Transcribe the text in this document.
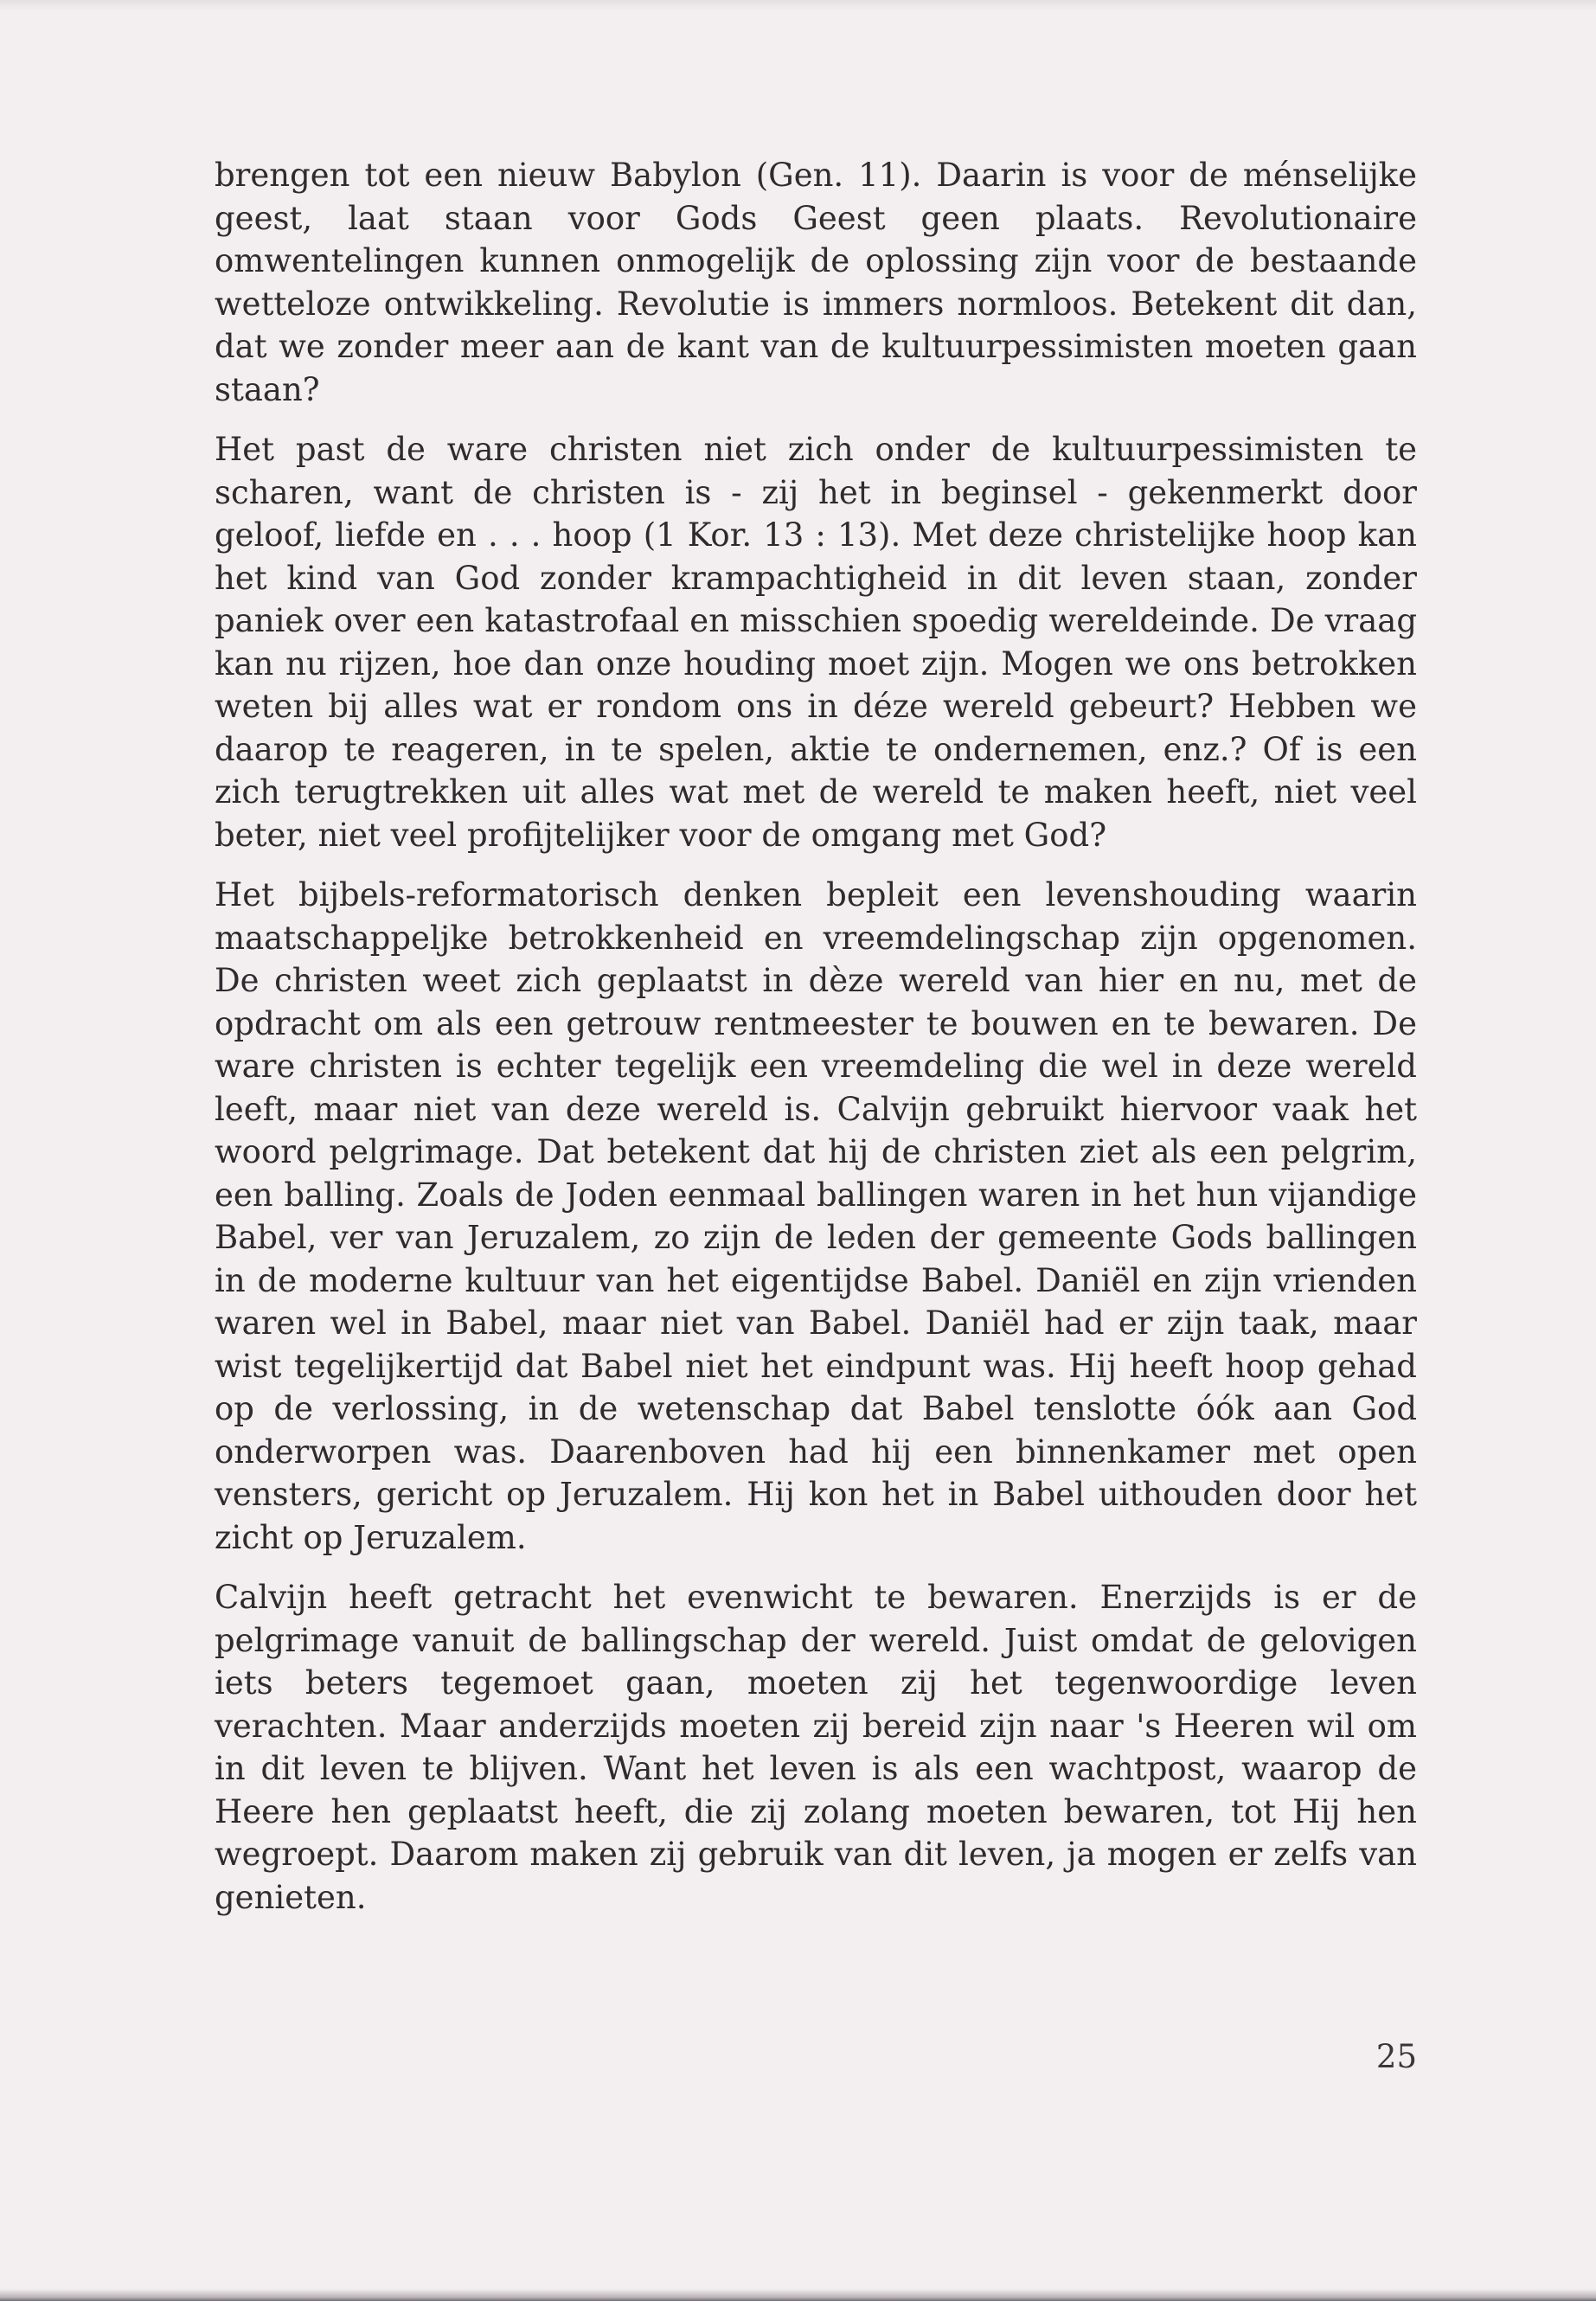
brengen tot een nieuw Babylon (Gen. 11). Daarin is voor de ménselijke geest, laat staan voor Gods Geest geen plaats. Revolutionaire omwentelingen kunnen onmogelijk de oplossing zijn voor de bestaande wetteloze ontwikkeling. Revolutie is immers normloos. Betekent dit dan, dat we zonder meer aan de kant van de kultuurpessimisten moeten gaan staan?

Het past de ware christen niet zich onder de kultuurpessimisten te scharen, want de christen is - zij het in beginsel - gekenmerkt door geloof, liefde en . . . hoop (1 Kor. 13 : 13). Met deze christelijke hoop kan het kind van God zonder krampachtigheid in dit leven staan, zonder paniek over een katastrofaal en misschien spoedig wereldeinde. De vraag kan nu rijzen, hoe dan onze houding moet zijn. Mogen we ons betrokken weten bij alles wat er rondom ons in déze wereld gebeurt? Hebben we daarop te reageren, in te spelen, aktie te ondernemen, enz.? Of is een zich terugtrekken uit alles wat met de wereld te maken heeft, niet veel beter, niet veel profijtelijker voor de omgang met God?

Het bijbels-reformatorisch denken bepleit een levenshouding waarin maatschappeljke betrokkenheid en vreemdelingschap zijn opgenomen. De christen weet zich geplaatst in dèze wereld van hier en nu, met de opdracht om als een getrouw rentmeester te bouwen en te bewaren. De ware christen is echter tegelijk een vreemdeling die wel in deze wereld leeft, maar niet van deze wereld is. Calvijn gebruikt hiervoor vaak het woord pelgrimage. Dat betekent dat hij de christen ziet als een pelgrim, een balling. Zoals de Joden eenmaal ballingen waren in het hun vijandige Babel, ver van Jeruzalem, zo zijn de leden der gemeente Gods ballingen in de moderne kultuur van het eigentijdse Babel. Daniël en zijn vrienden waren wel in Babel, maar niet van Babel. Daniël had er zijn taak, maar wist tegelijkertijd dat Babel niet het eindpunt was. Hij heeft hoop gehad op de verlossing, in de wetenschap dat Babel tenslotte óók aan God onderworpen was. Daarenboven had hij een binnenkamer met open vensters, gericht op Jeruzalem. Hij kon het in Babel uithouden door het zicht op Jeruzalem.

Calvijn heeft getracht het evenwicht te bewaren. Enerzijds is er de pelgrimage vanuit de ballingschap der wereld. Juist omdat de gelovigen iets beters tegemoet gaan, moeten zij het tegenwoordige leven verachten. Maar anderzijds moeten zij bereid zijn naar 's Heeren wil om in dit leven te blijven. Want het leven is als een wachtpost, waarop de Heere hen geplaatst heeft, die zij zolang moeten bewaren, tot Hij hen wegroept. Daarom maken zij gebruik van dit leven, ja mogen er zelfs van genieten.

25
